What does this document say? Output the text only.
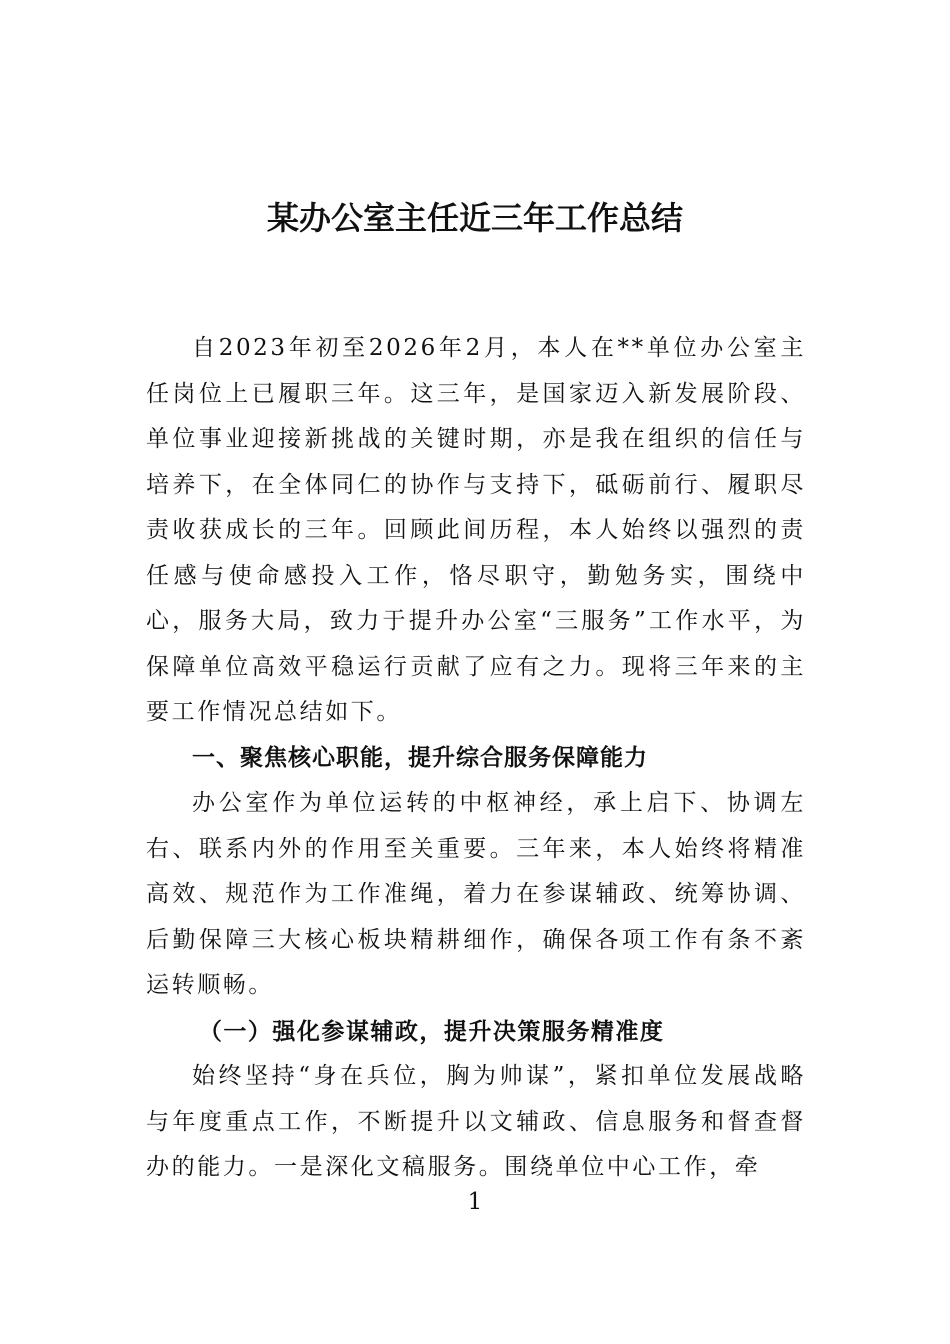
某办公室主任近三年工作总结

自2023年初至2026年2月，本人在**单位办公室主任岗位上已履职三年。这三年，是国家迈入新发展阶段、单位事业迎接新挑战的关键时期，亦是我在组织的信任与培养下，在全体同仁的协作与支持下，砥砺前行、履职尽责收获成长的三年。回顾此间历程，本人始终以强烈的责任感与使命感投入工作，恪尽职守，勤勉务实，围绕中心，服务大局，致力于提升办公室“三服务”工作水平，为保障单位高效平稳运行贡献了应有之力。现将三年来的主要工作情况总结如下。

一、聚焦核心职能，提升综合服务保障能力

办公室作为单位运转的中枢神经，承上启下、协调左右、联系内外的作用至关重要。三年来，本人始终将精准高效、规范作为工作准绳，着力在参谋辅政、统筹协调、后勤保障三大核心板块精耕细作，确保各项工作有条不紊运转顺畅。

（一）强化参谋辅政，提升决策服务精准度

始终坚持“身在兵位，胸为帅谋”，紧扣单位发展战略与年度重点工作，不断提升以文辅政、信息服务和督查督办的能力。一是深化文稿服务。围绕单位中心工作，牵

1
